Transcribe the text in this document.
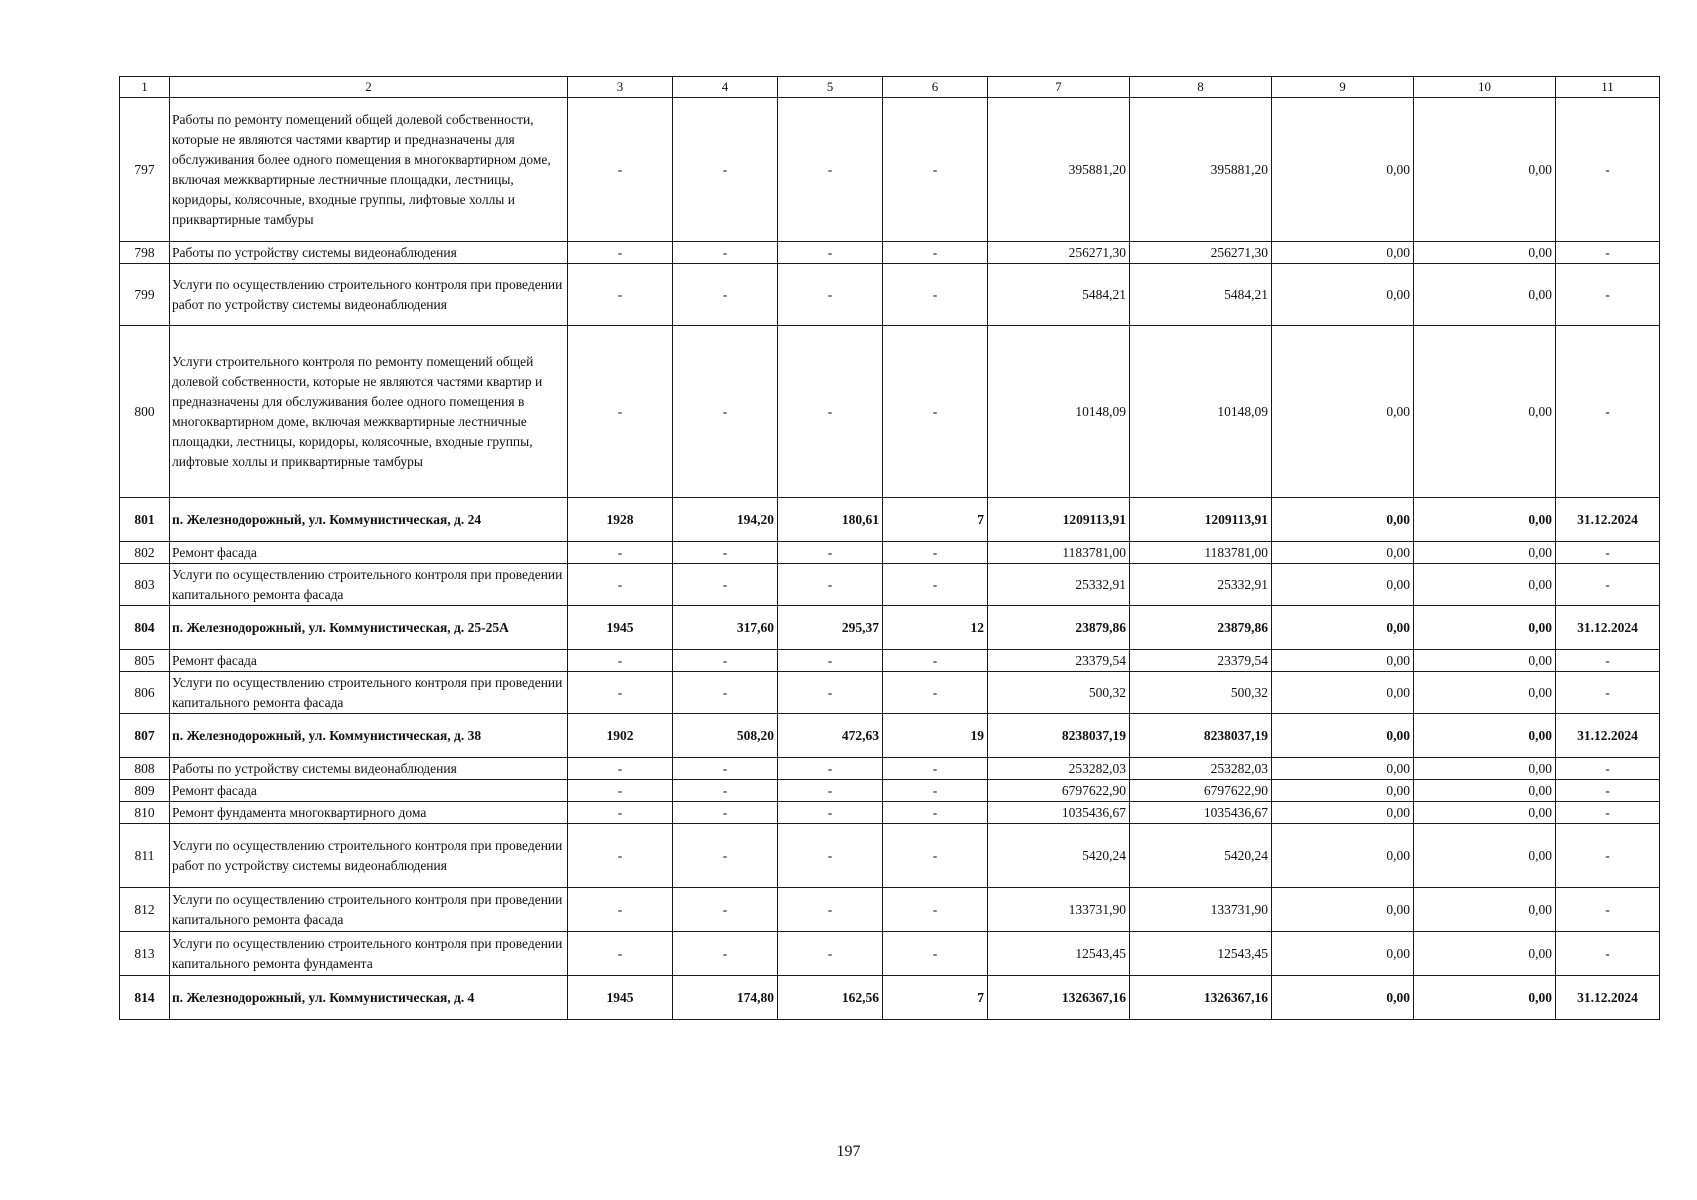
1	2	3	4	5	6	7	8	9	10	11
797	Работы по ремонту помещений общей долевой собственности, которые не являются частями квартир и предназначены для обслуживания более одного помещения в многоквартирном доме, включая межквартирные лестничные площадки, лестницы, коридоры, колясочные, входные группы, лифтовые холлы и приквартирные тамбуры	-	-	-	-	395881,20	395881,20	0,00	0,00	-
798	Работы по устройству системы видеонаблюдения	-	-	-	-	256271,30	256271,30	0,00	0,00	-
799	Услуги по осуществлению строительного контроля при проведении работ по устройству системы видеонаблюдения	-	-	-	-	5484,21	5484,21	0,00	0,00	-
800	Услуги строительного контроля по ремонту помещений общей долевой собственности, которые не являются частями квартир и предназначены для обслуживания более одного помещения в многоквартирном доме, включая межквартирные лестничные площадки, лестницы, коридоры, колясочные, входные группы, лифтовые холлы и приквартирные тамбуры	-	-	-	-	10148,09	10148,09	0,00	0,00	-
801	п. Железнодорожный, ул. Коммунистическая, д. 24	1928	194,20	180,61	7	1209113,91	1209113,91	0,00	0,00	31.12.2024
802	Ремонт фасада	-	-	-	-	1183781,00	1183781,00	0,00	0,00	-
803	Услуги по осуществлению строительного контроля при проведении капитального ремонта фасада	-	-	-	-	25332,91	25332,91	0,00	0,00	-
804	п. Железнодорожный, ул. Коммунистическая, д. 25-25А	1945	317,60	295,37	12	23879,86	23879,86	0,00	0,00	31.12.2024
805	Ремонт фасада	-	-	-	-	23379,54	23379,54	0,00	0,00	-
806	Услуги по осуществлению строительного контроля при проведении капитального ремонта фасада	-	-	-	-	500,32	500,32	0,00	0,00	-
807	п. Железнодорожный, ул. Коммунистическая, д. 38	1902	508,20	472,63	19	8238037,19	8238037,19	0,00	0,00	31.12.2024
808	Работы по устройству системы видеонаблюдения	-	-	-	-	253282,03	253282,03	0,00	0,00	-
809	Ремонт фасада	-	-	-	-	6797622,90	6797622,90	0,00	0,00	-
810	Ремонт фундамента многоквартирного дома	-	-	-	-	1035436,67	1035436,67	0,00	0,00	-
811	Услуги по осуществлению строительного контроля при проведении работ по устройству системы видеонаблюдения	-	-	-	-	5420,24	5420,24	0,00	0,00	-
812	Услуги по осуществлению строительного контроля при проведении капитального ремонта фасада	-	-	-	-	133731,90	133731,90	0,00	0,00	-
813	Услуги по осуществлению строительного контроля при проведении капитального ремонта фундамента	-	-	-	-	12543,45	12543,45	0,00	0,00	-
814	п. Железнодорожный, ул. Коммунистическая, д. 4	1945	174,80	162,56	7	1326367,16	1326367,16	0,00	0,00	31.12.2024
197
